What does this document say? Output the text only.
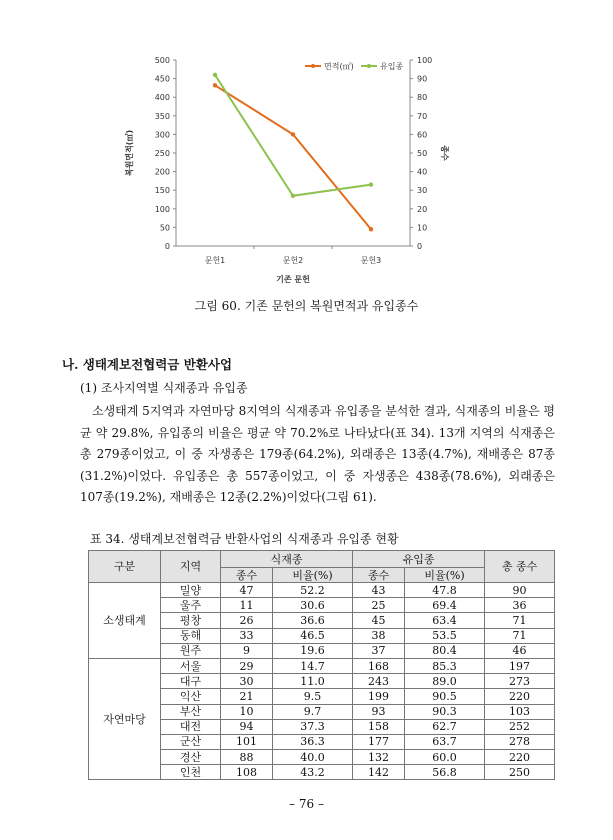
0
50
100
150
200
250
300
350
400
450
500
0
10
20
30
40
50
60
70
80
90
100
문헌1	문헌2	문헌3
기존 문헌
복원면적(㎡)	종수
면적(㎡)	유입종
그림 60. 기존 문헌의 복원면적과 유입종수
나. 생태계보전협력금 반환사업
(1) 조사지역별 식재종과 유입종
소생태계 5지역과 자연마당 8지역의 식재종과 유입종을 분석한 결과, 식재종의 비율은 평균 약 29.8%, 유입종의 비율은 평균 약 70.2%로 나타났다(표 34). 13개 지역의 식재종은 총 279종이었고, 이 중 자생종은 179종(64.2%), 외래종은 13종(4.7%), 재배종은 87종(31.2%)이었다. 유입종은 총 557종이었고, 이 중 자생종은 438종(78.6%), 외래종은 107종(19.2%), 재배종은 12종(2.2%)이었다(그림 61).
표 34. 생태계보전협력금 반환사업의 식재종과 유입종 현황
구분	지역	식재종		유입종		총 종수
		종수	비율(%)	종수	비율(%)	
소생태계	밀양	47	52.2	43	47.8	90
	울주	11	30.6	25	69.4	36
	평창	26	36.6	45	63.4	71
	동해	33	46.5	38	53.5	71
	원주	9	19.6	37	80.4	46
자연마당	서울	29	14.7	168	85.3	197
	대구	30	11.0	243	89.0	273
	익산	21	9.5	199	90.5	220
	부산	10	9.7	93	90.3	103
	대전	94	37.3	158	62.7	252
	군산	101	36.3	177	63.7	278
	경산	88	40.0	132	60.0	220
	인천	108	43.2	142	56.8	250
– 76 –
